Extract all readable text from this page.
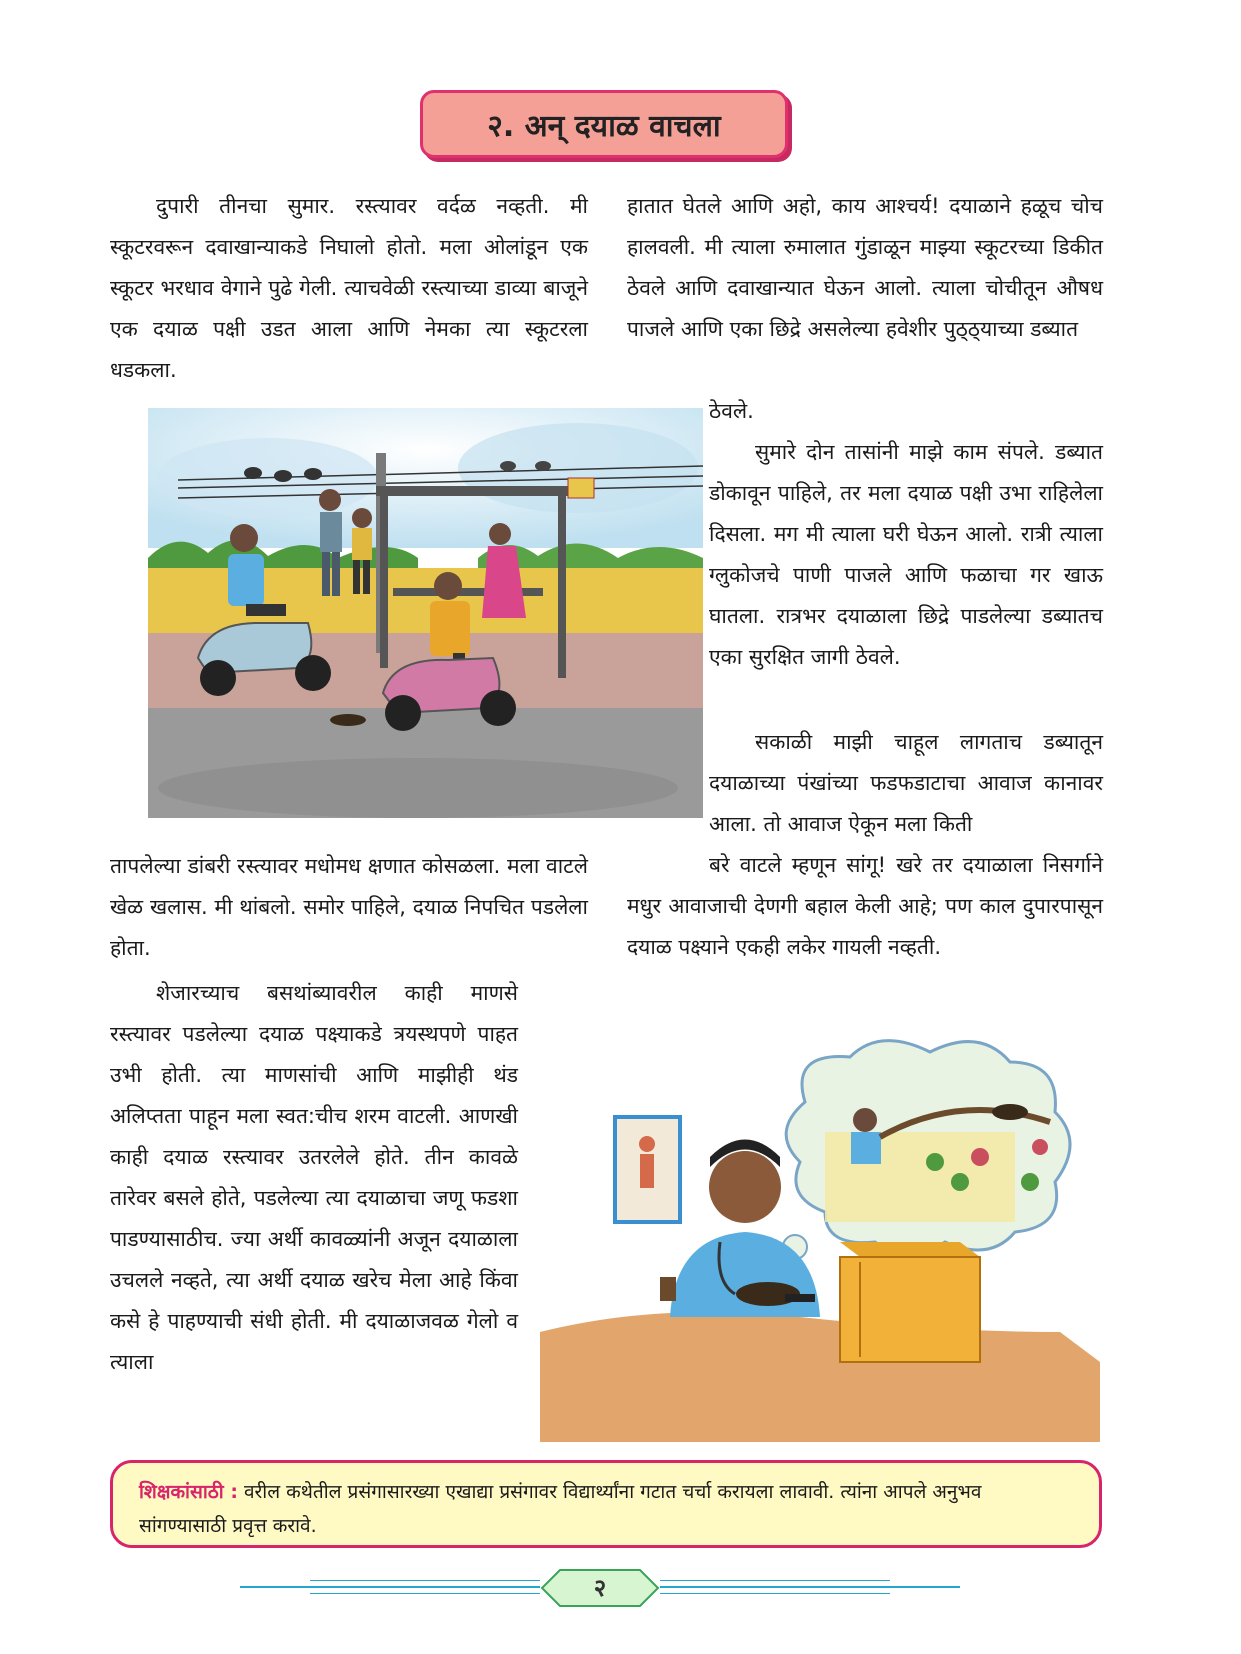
२. अन् दयाळ वाचला

दुपारी तीनचा सुमार. रस्त्यावर वर्दळ नव्हती. मी स्कूटरवरून दवाखान्याकडे निघालो होतो. मला ओलांडून एक स्कूटर भरधाव वेगाने पुढे गेली. त्याचवेळी रस्त्याच्या डाव्या बाजूने एक दयाळ पक्षी उडत आला आणि नेमका त्या स्कूटरला धडकला.

तापलेल्या डांबरी रस्त्यावर मधोमध क्षणात कोसळला. मला वाटले खेळ खलास. मी थांबलो. समोर पाहिले, दयाळ निपचित पडलेला होता.

शेजारच्याच बसथांब्यावरील काही माणसे रस्त्यावर पडलेल्या दयाळ पक्ष्याकडे त्रयस्थपणे पाहत उभी होती. त्या माणसांची आणि माझीही थंड अलिप्तता पाहून मला स्वत:चीच शरम वाटली. आणखी काही दयाळ रस्त्यावर उतरलेले होते. तीन कावळे तारेवर बसले होते, पडलेल्या त्या दयाळाचा जणू फडशा पाडण्यासाठीच. ज्या अर्थी कावळ्यांनी अजून दयाळाला उचलले नव्हते, त्या अर्थी दयाळ खरेच मेला आहे किंवा कसे हे पाहण्याची संधी होती. मी दयाळाजवळ गेलो व त्याला

हातात घेतले आणि अहो, काय आश्चर्य! दयाळाने हळूच चोच हालवली. मी त्याला रुमालात गुंडाळून माझ्या स्कूटरच्या डिकीत ठेवले आणि दवाखान्यात घेऊन आलो. त्याला चोचीतून औषध पाजले आणि एका छिद्रे असलेल्या हवेशीर पुठ्ठ्याच्या डब्यात

ठेवले.

सुमारे दोन तासांनी माझे काम संपले. डब्यात डोकावून पाहिले, तर मला दयाळ पक्षी उभा राहिलेला दिसला. मग मी त्याला घरी घेऊन आलो. रात्री त्याला ग्लुकोजचे पाणी पाजले आणि फळाचा गर खाऊ घातला. रात्रभर दयाळाला छिद्रे पाडलेल्या डब्यातच एका सुरक्षित जागी ठेवले.

सकाळी माझी चाहूल लागताच डब्यातून दयाळाच्या पंखांच्या फडफडाटाचा आवाज कानावर आला. तो आवाज ऐकून मला किती

बरे वाटले म्हणून सांगू! खरे तर दयाळाला निसर्गाने मधुर आवाजाची देणगी बहाल केली आहे; पण काल दुपारपासून दयाळ पक्ष्याने एकही लकेर गायली नव्हती.

शिक्षकांसाठी : वरील कथेतील प्रसंगासारख्या एखाद्या प्रसंगावर विद्यार्थ्यांना गटात चर्चा करायला लावावी. त्यांना आपले अनुभव सांगण्यासाठी प्रवृत्त करावे.
२
